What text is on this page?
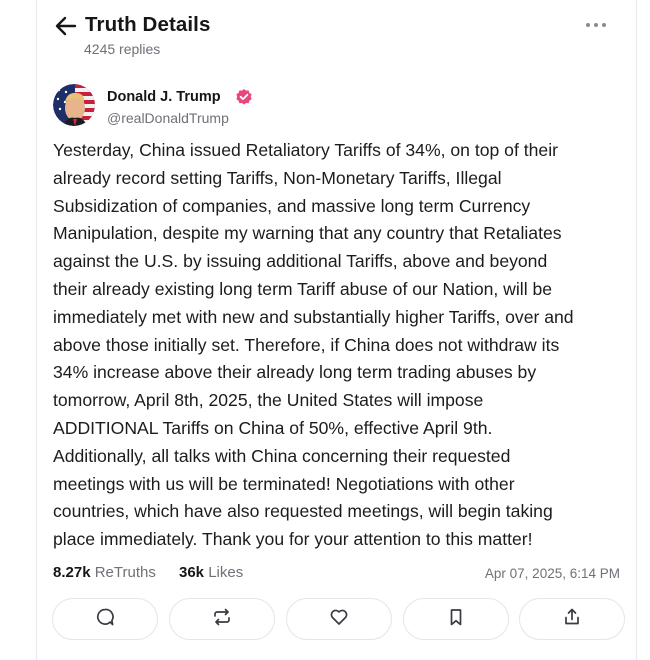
Truth Details
4245 replies
Donald J. Trump
@realDonaldTrump
Yesterday, China issued Retaliatory Tariffs of 34%, on top of their
already record setting Tariffs, Non-Monetary Tariffs, Illegal
Subsidization of companies, and massive long term Currency
Manipulation, despite my warning that any country that Retaliates
against the U.S. by issuing additional Tariffs, above and beyond
their already existing long term Tariff abuse of our Nation, will be
immediately met with new and substantially higher Tariffs, over and
above those initially set. Therefore, if China does not withdraw its
34% increase above their already long term trading abuses by
tomorrow, April 8th, 2025, the United States will impose
ADDITIONAL Tariffs on China of 50%, effective April 9th.
Additionally, all talks with China concerning their requested
meetings with us will be terminated! Negotiations with other
countries, which have also requested meetings, will begin taking
place immediately. Thank you for your attention to this matter!
8.27k ReTruths 36k Likes	Apr 07, 2025, 6:14 PM
